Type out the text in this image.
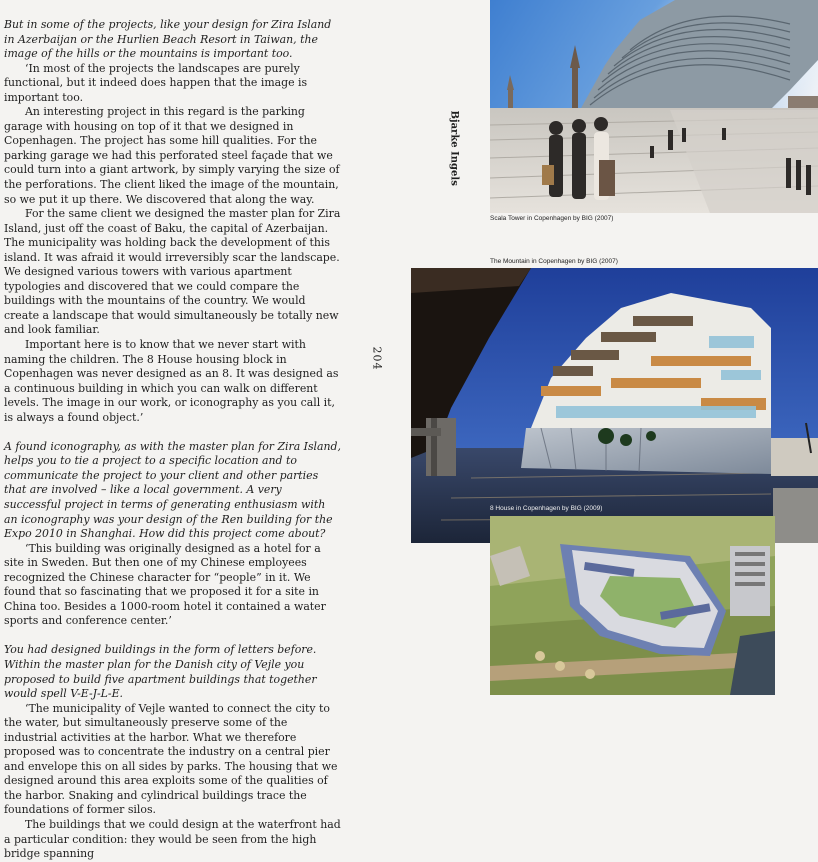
But in some of the projects, like your design for Zira Island in Azerbaijan or the Hurlien Beach Resort in Taiwan, the image of the hills or the mountains is important too.

‘In most of the projects the landscapes are purely functional, but it indeed does happen that the image is important too.

An interesting project in this regard is the parking garage with housing on top of it that we designed in Copenhagen. The project has some hill qualities. For the parking garage we had this perforated steel façade that we could turn into a giant artwork, by simply varying the size of the perforations. The client liked the image of the mountain, so we put it up there. We discovered that along the way.

For the same client we designed the master plan for Zira Island, just off the coast of Baku, the capital of Azerbaijan. The municipality was holding back the development of this island. It was afraid it would irreversibly scar the landscape. We designed various towers with various apartment typologies and discovered that we could compare the buildings with the mountains of the country. We would create a landscape that would simultaneously be totally new and look familiar.

Important here is to know that we never start with naming the children. The 8 House housing block in Copenhagen was never designed as an 8. It was designed as a continuous building in which you can walk on different levels. The image in our work, or iconography as you call it, is always a found object.’

A found iconography, as with the master plan for Zira Island, helps you to tie a project to a specific location and to communicate the project to your client and other parties that are involved – like a local government. A very successful project in terms of generating enthusiasm with an iconography was your design of the Ren building for the Expo 2010 in Shanghai. How did this project come about?

‘This building was originally designed as a hotel for a site in Sweden. But then one of my Chinese employees recognized the Chinese character for “people” in it. We found that so fascinating that we proposed it for a site in China too. Besides a 1000-room hotel it contained a water sports and conference center.’

You had designed buildings in the form of letters before. Within the master plan for the Danish city of Vejle you proposed to build five apartment buildings that together would spell V-E-J-L-E.

‘The municipality of Vejle wanted to connect the city to the water, but simultaneously preserve some of the industrial activities at the harbor. What we therefore proposed was to concentrate the industry on a central pier and envelope this on all sides by parks. The housing that we designed around this area exploits some of the qualities of the harbor. Snaking and cylindrical buildings trace the foundations of former silos.

The buildings that we could design at the waterfront had a particular condition: they would be seen from the high bridge spanning

Bjarke Ingels
204
Scala Tower in Copenhagen by BIG (2007)
The Mountain in Copenhagen by BIG (2007)
8 House in Copenhagen by BIG (2009)
